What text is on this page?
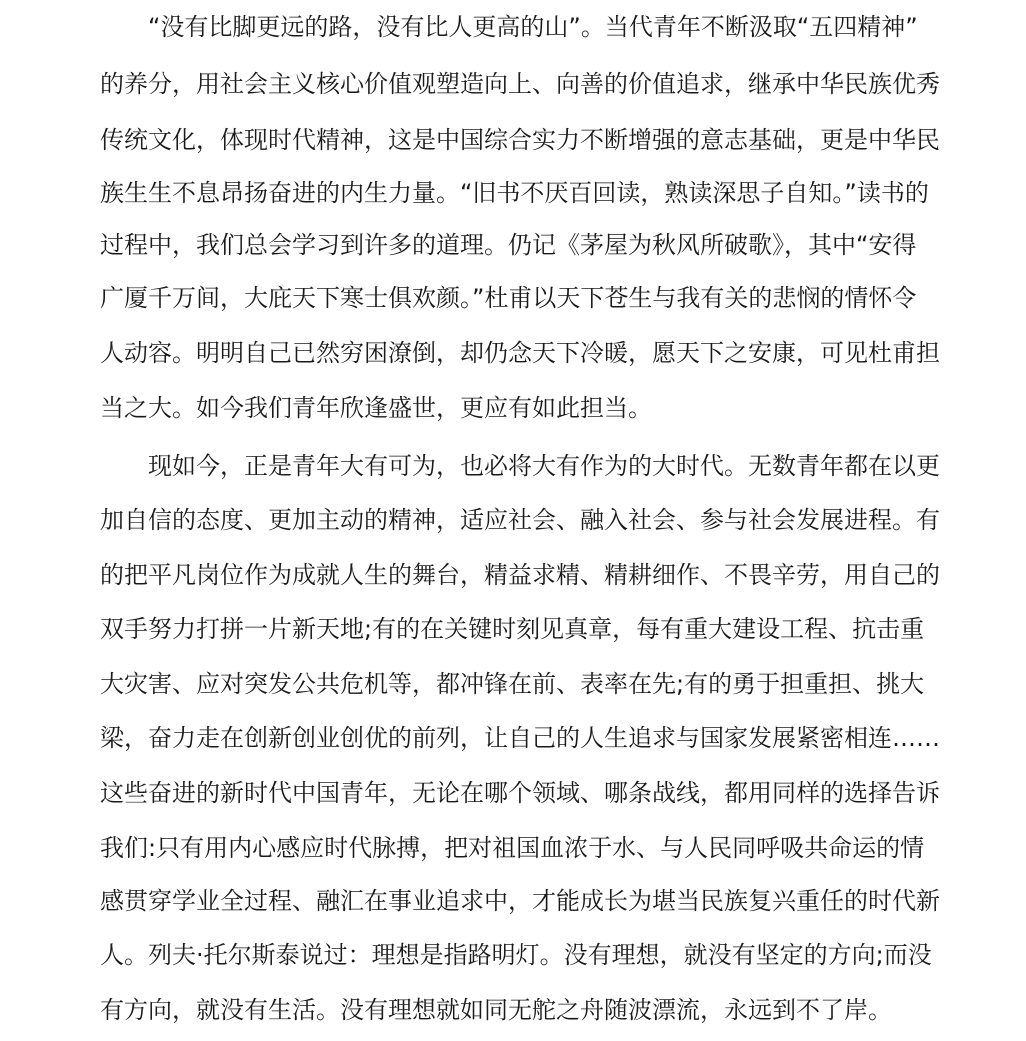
“没有比脚更远的路，没有比人更高的山”。当代青年不断汲取“五四精神”
的养分，用社会主义核心价值观塑造向上、向善的价值追求，继承中华民族优秀
传统文化，体现时代精神，这是中国综合实力不断增强的意志基础，更是中华民
族生生不息昂扬奋进的内生力量。“旧书不厌百回读，熟读深思子自知。”读书的
过程中，我们总会学习到许多的道理。仍记《茅屋为秋风所破歌》，其中“安得
广厦千万间，大庇天下寒士俱欢颜。”杜甫以天下苍生与我有关的悲悯的情怀令
人动容。明明自己已然穷困潦倒，却仍念天下冷暖，愿天下之安康，可见杜甫担
当之大。如今我们青年欣逢盛世，更应有如此担当。
现如今，正是青年大有可为，也必将大有作为的大时代。无数青年都在以更
加自信的态度、更加主动的精神，适应社会、融入社会、参与社会发展进程。有
的把平凡岗位作为成就人生的舞台，精益求精、精耕细作、不畏辛劳，用自己的
双手努力打拼一片新天地;有的在关键时刻见真章，每有重大建设工程、抗击重
大灾害、应对突发公共危机等，都冲锋在前、表率在先;有的勇于担重担、挑大
梁，奋力走在创新创业创优的前列，让自己的人生追求与国家发展紧密相连……
这些奋进的新时代中国青年，无论在哪个领域、哪条战线，都用同样的选择告诉
我们:只有用内心感应时代脉搏，把对祖国血浓于水、与人民同呼吸共命运的情
感贯穿学业全过程、融汇在事业追求中，才能成长为堪当民族复兴重任的时代新
人。列夫·托尔斯泰说过：理想是指路明灯。没有理想，就没有坚定的方向;而没
有方向，就没有生活。没有理想就如同无舵之舟随波漂流，永远到不了岸。
